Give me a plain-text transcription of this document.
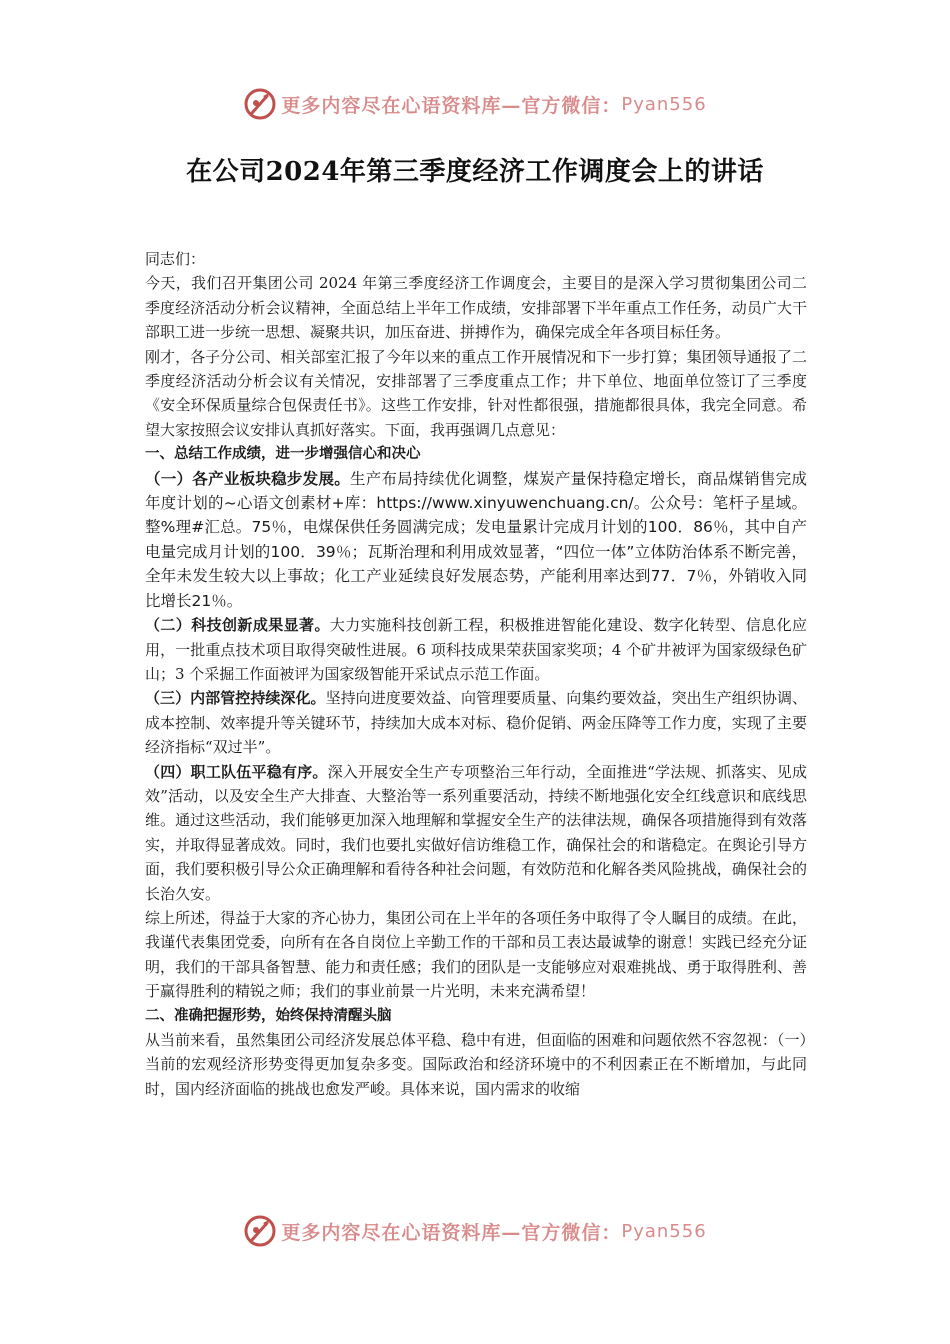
更多内容尽在心语资料库—官方微信： Pyan556
在公司2024年第三季度经济工作调度会上的讲话

同志们：

今天，我们召开集团公司 2024 年第三季度经济工作调度会，主要目的是深入学习贯彻集团公司二季度经济活动分析会议精神，全面总结上半年工作成绩，安排部署下半年重点工作任务，动员广大干部职工进一步统一思想、凝聚共识，加压奋进、拼搏作为，确保完成全年各项目标任务。

刚才，各子分公司、相关部室汇报了今年以来的重点工作开展情况和下一步打算；集团领导通报了二季度经济活动分析会议有关情况，安排部署了三季度重点工作；井下单位、地面单位签订了三季度《安全环保质量综合包保责任书》。这些工作安排，针对性都很强，措施都很具体，我完全同意。希望大家按照会议安排认真抓好落实。下面，我再强调几点意见：

一、总结工作成绩，进一步增强信心和决心

（一）各产业板块稳步发展。生产布局持续优化调整，煤炭产量保持稳定增长，商品煤销售完成年度计划的~心语文创素材+库：https://www.xinyuwenchuang.cn/。公众号：笔杆子星域。整%理#汇总。75％，电煤保供任务圆满完成；发电量累计完成月计划的100．86％，其中自产电量完成月计划的100．39％；瓦斯治理和利用成效显著，“四位一体”立体防治体系不断完善，全年未发生较大以上事故；化工产业延续良好发展态势，产能利用率达到77．7％，外销收入同比增长21％。

（二）科技创新成果显著。大力实施科技创新工程，积极推进智能化建设、数字化转型、信息化应用，一批重点技术项目取得突破性进展。6 项科技成果荣获国家奖项；4 个矿井被评为国家级绿色矿山；3 个采掘工作面被评为国家级智能开采试点示范工作面。

（三）内部管控持续深化。坚持向进度要效益、向管理要质量、向集约要效益，突出生产组织协调、成本控制、效率提升等关键环节，持续加大成本对标、稳价促销、两金压降等工作力度，实现了主要经济指标“双过半”。

（四）职工队伍平稳有序。深入开展安全生产专项整治三年行动，全面推进“学法规、抓落实、见成效”活动，以及安全生产大排查、大整治等一系列重要活动，持续不断地强化安全红线意识和底线思维。通过这些活动，我们能够更加深入地理解和掌握安全生产的法律法规，确保各项措施得到有效落实，并取得显著成效。同时，我们也要扎实做好信访维稳工作，确保社会的和谐稳定。在舆论引导方面，我们要积极引导公众正确理解和看待各种社会问题，有效防范和化解各类风险挑战，确保社会的长治久安。

综上所述，得益于大家的齐心协力，集团公司在上半年的各项任务中取得了令人瞩目的成绩。在此，我谨代表集团党委，向所有在各自岗位上辛勤工作的干部和员工表达最诚挚的谢意！实践已经充分证明，我们的干部具备智慧、能力和责任感；我们的团队是一支能够应对艰难挑战、勇于取得胜利、善于赢得胜利的精锐之师；我们的事业前景一片光明，未来充满希望！

二、准确把握形势，始终保持清醒头脑

从当前来看，虽然集团公司经济发展总体平稳、稳中有进，但面临的困难和问题依然不容忽视：（一）当前的宏观经济形势变得更加复杂多变。国际政治和经济环境中的不利因素正在不断增加，与此同时，国内经济面临的挑战也愈发严峻。具体来说，国内需求的收缩

更多内容尽在心语资料库—官方微信： Pyan556
